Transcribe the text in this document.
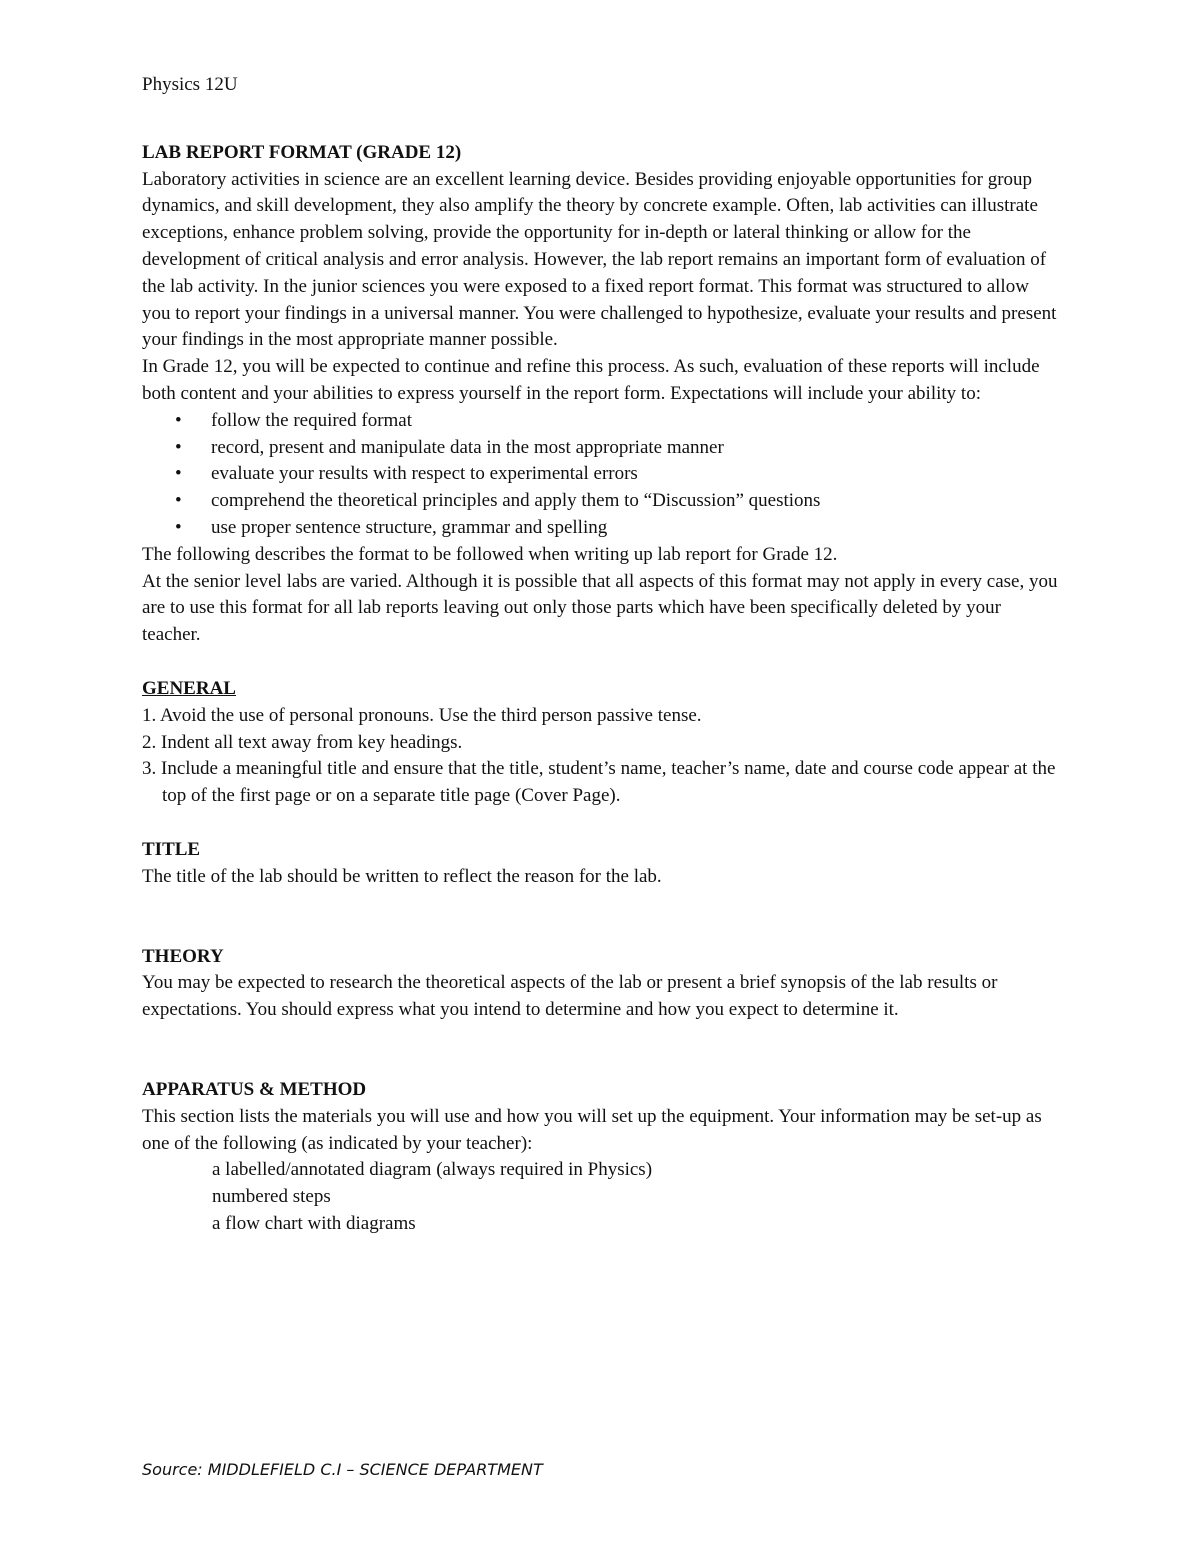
Physics 12U

LAB REPORT FORMAT (GRADE 12)

Laboratory activities in science are an excellent learning device. Besides providing enjoyable opportunities for group dynamics, and skill development, they also amplify the theory by concrete example. Often, lab activities can illustrate exceptions, enhance problem solving, provide the opportunity for in-depth or lateral thinking or allow for the development of critical analysis and error analysis. However, the lab report remains an important form of evaluation of the lab activity. In the junior sciences you were exposed to a fixed report format. This format was structured to allow you to report your findings in a universal manner. You were challenged to hypothesize, evaluate your results and present your findings in the most appropriate manner possible.

In Grade 12, you will be expected to continue and refine this process. As such, evaluation of these reports will include both content and your abilities to express yourself in the report form. Expectations will include your ability to:

• follow the required format
• record, present and manipulate data in the most appropriate manner
• evaluate your results with respect to experimental errors
• comprehend the theoretical principles and apply them to “Discussion” questions
• use proper sentence structure, grammar and spelling

The following describes the format to be followed when writing up lab report for Grade 12.

At the senior level labs are varied. Although it is possible that all aspects of this format may not apply in every case, you are to use this format for all lab reports leaving out only those parts which have been specifically deleted by your teacher.

GENERAL
1. Avoid the use of personal pronouns. Use the third person passive tense.
2. Indent all text away from key headings.
3. Include a meaningful title and ensure that the title, student’s name, teacher’s name, date and course code appear at the top of the first page or on a separate title page (Cover Page).
TITLE

The title of the lab should be written to reflect the reason for the lab.

THEORY

You may be expected to research the theoretical aspects of the lab or present a brief synopsis of the lab results or expectations. You should express what you intend to determine and how you expect to determine it.

APPARATUS & METHOD

This section lists the materials you will use and how you will set up the equipment. Your information may be set-up as one of the following (as indicated by your teacher):

a labelled/annotated diagram (always required in Physics)
numbered steps
a flow chart with diagrams
Source: MIDDLEFIELD C.I – SCIENCE DEPARTMENT
